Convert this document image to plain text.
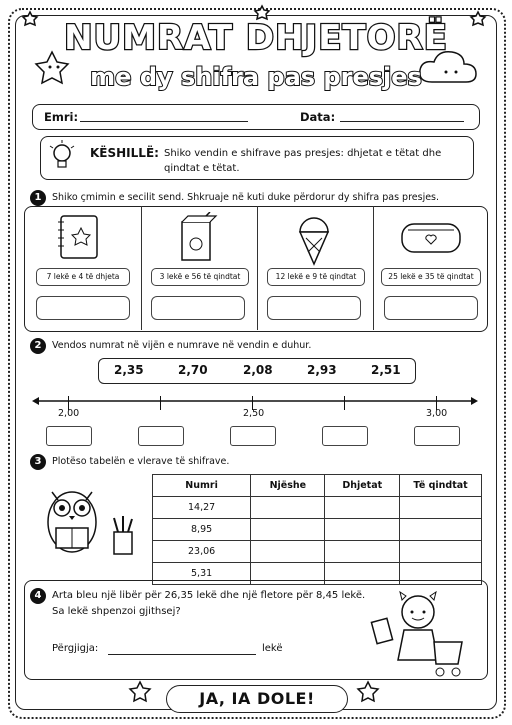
NUMRAT DHJETORË
me dy shifra pas presjes
Emri:	Data:
KËSHILLË: Shiko vendin e shifrave pas presjes: dhjetat e tëtat dhe qindtat e tëtat.
1	Shiko çmimin e secilit send. Shkruaje në kuti duke përdorur dy shifra pas presjes.
7 lekë e 4 të dhjeta	3 lekë e 56 të qindtat	12 lekë e 9 të qindtat	25 lekë e 35 të qindtat
2	Vendos numrat në vijën e numrave në vendin e duhur.
2,35	2,70	2,08	2,93	2,51
2,00	2,50	3,00
3	Plotëso tabelën e vlerave të shifrave.
Numri	Njëshe	Dhjetat	Të qindtat
14,27			
8,95			
23,06			
5,31			
4	Arta bleu një libër për 26,35 lekë dhe një fletore për 8,45 lekë.
Sa lekë shpenzoi gjithsej?
Përgjigja:	lekë
JA, IA DOLE!
